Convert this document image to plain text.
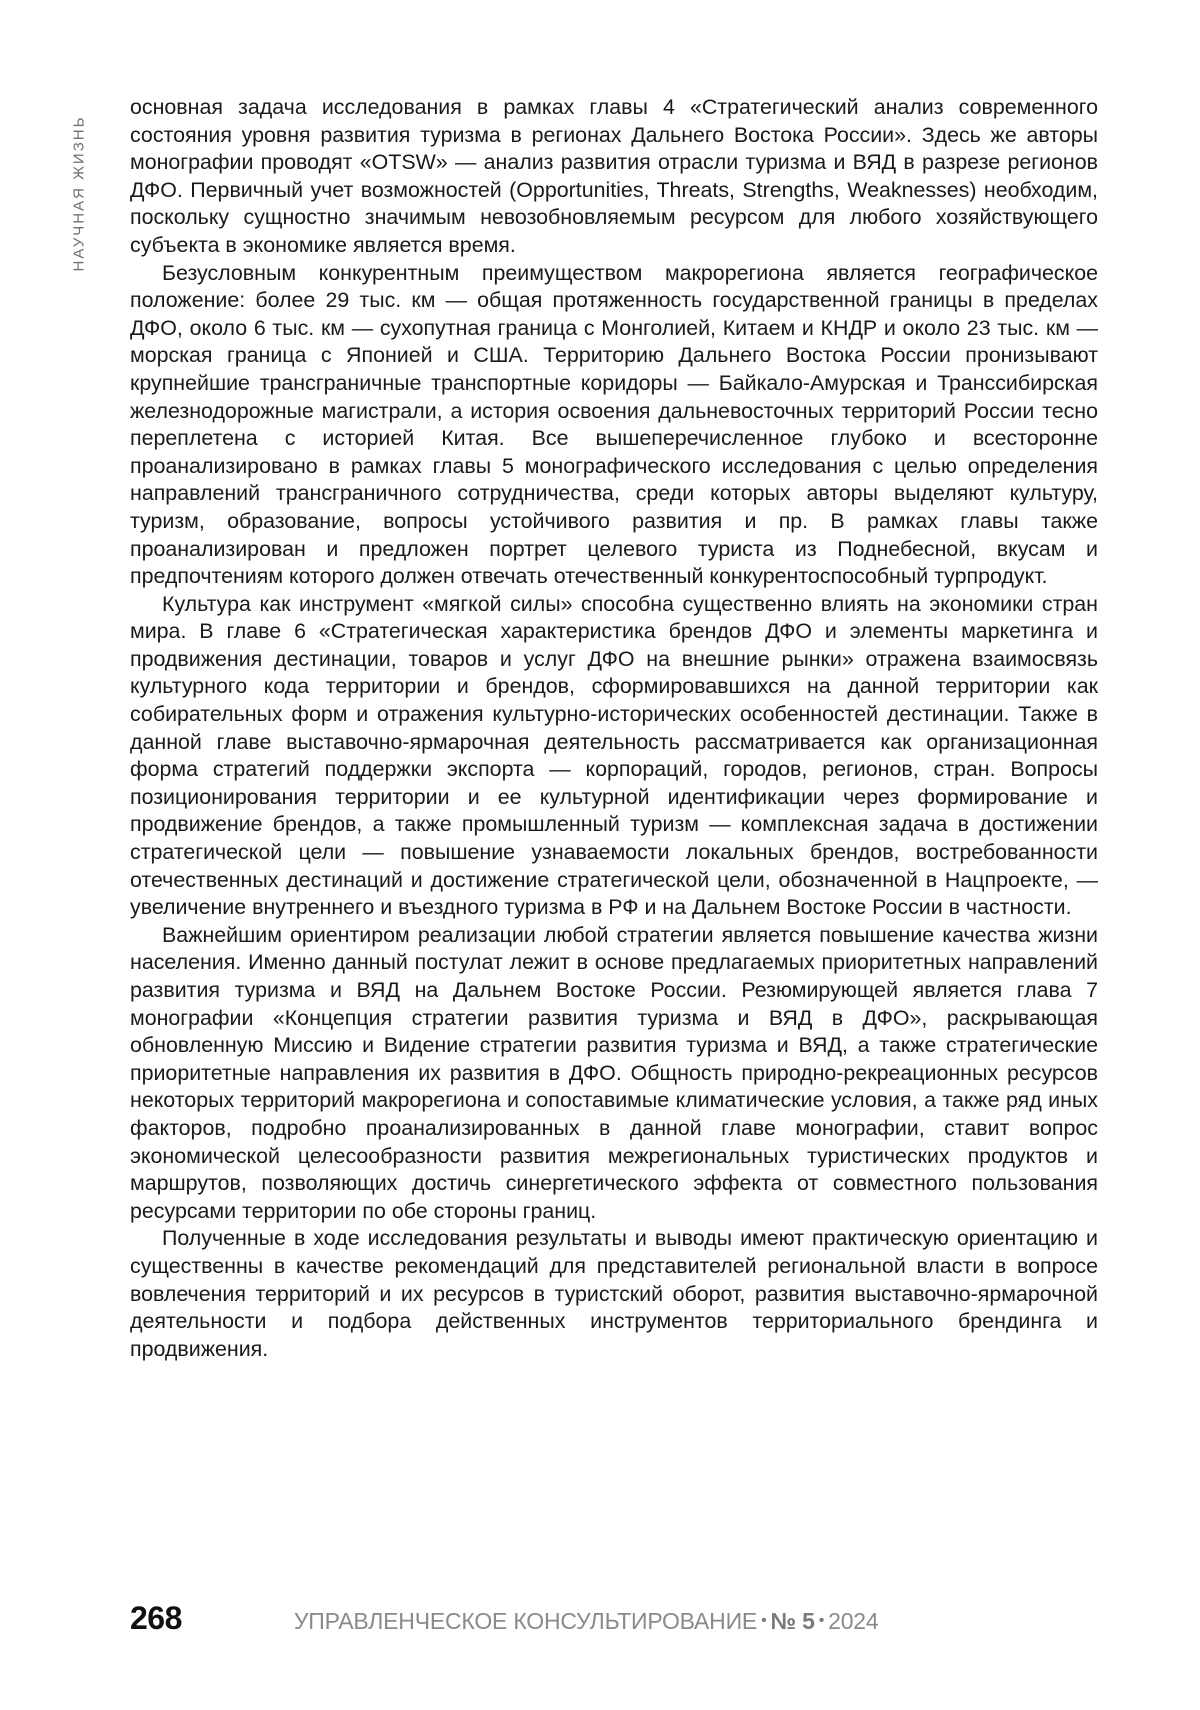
НАУЧНАЯ ЖИЗНЬ

основная задача исследования в рамках главы 4 «Стратегический анализ современного состояния уровня развития туризма в регионах Дальнего Востока России». Здесь же авторы монографии проводят «OTSW» — анализ развития отрасли туризма и ВЯД в разрезе регионов ДФО. Первичный учет возможностей (Opportunities, Threats, Strengths, Weaknesses) необходим, поскольку сущностно значимым невозобновляемым ресурсом для любого хозяйствующего субъекта в экономике является время.

Безусловным конкурентным преимуществом макрорегиона является географическое положение: более 29 тыс. км — общая протяженность государственной границы в пределах ДФО, около 6 тыс. км — сухопутная граница с Монголией, Китаем и КНДР и около 23 тыс. км — морская граница с Японией и США. Территорию Дальнего Востока России пронизывают крупнейшие трансграничные транспортные коридоры — Байкало-Амурская и Транссибирская железнодорожные магистрали, а история освоения дальневосточных территорий России тесно переплетена с историей Китая. Все вышеперечисленное глубоко и всесторонне проанализировано в рамках главы 5 монографического исследования с целью определения направлений трансграничного сотрудничества, среди которых авторы выделяют культуру, туризм, образование, вопросы устойчивого развития и пр. В рамках главы также проанализирован и предложен портрет целевого туриста из Поднебесной, вкусам и предпочтениям которого должен отвечать отечественный конкурентоспособный турпродукт.

Культура как инструмент «мягкой силы» способна существенно влиять на экономики стран мира. В главе 6 «Стратегическая характеристика брендов ДФО и элементы маркетинга и продвижения дестинации, товаров и услуг ДФО на внешние рынки» отражена взаимосвязь культурного кода территории и брендов, сформировавшихся на данной территории как собирательных форм и отражения культурно-исторических особенностей дестинации. Также в данной главе выставочно-ярмарочная деятельность рассматривается как организационная форма стратегий поддержки экспорта — корпораций, городов, регионов, стран. Вопросы позиционирования территории и ее культурной идентификации через формирование и продвижение брендов, а также промышленный туризм — комплексная задача в достижении стратегической цели — повышение узнаваемости локальных брендов, востребованности отечественных дестинаций и достижение стратегической цели, обозначенной в Нацпроекте, — увеличение внутреннего и въездного туризма в РФ и на Дальнем Востоке России в частности.

Важнейшим ориентиром реализации любой стратегии является повышение качества жизни населения. Именно данный постулат лежит в основе предлагаемых приоритетных направлений развития туризма и ВЯД на Дальнем Востоке России. Резюмирующей является глава 7 монографии «Концепция стратегии развития туризма и ВЯД в ДФО», раскрывающая обновленную Миссию и Видение стратегии развития туризма и ВЯД, а также стратегические приоритетные направления их развития в ДФО. Общность природно-рекреационных ресурсов некоторых территорий макрорегиона и сопоставимые климатические условия, а также ряд иных факторов, подробно проанализированных в данной главе монографии, ставит вопрос экономической целесообразности развития межрегиональных туристических продуктов и маршрутов, позволяющих достичь синергетического эффекта от совместного пользования ресурсами территории по обе стороны границ.

Полученные в ходе исследования результаты и выводы имеют практическую ориентацию и существенны в качестве рекомендаций для представителей региональной власти в вопросе вовлечения территорий и их ресурсов в туристский оборот, развития выставочно-ярмарочной деятельности и подбора действенных инструментов территориального брендинга и продвижения.

268	УПРАВЛЕНЧЕСКОЕ КОНСУЛЬТИРОВАНИЕ • № 5 • 2024
